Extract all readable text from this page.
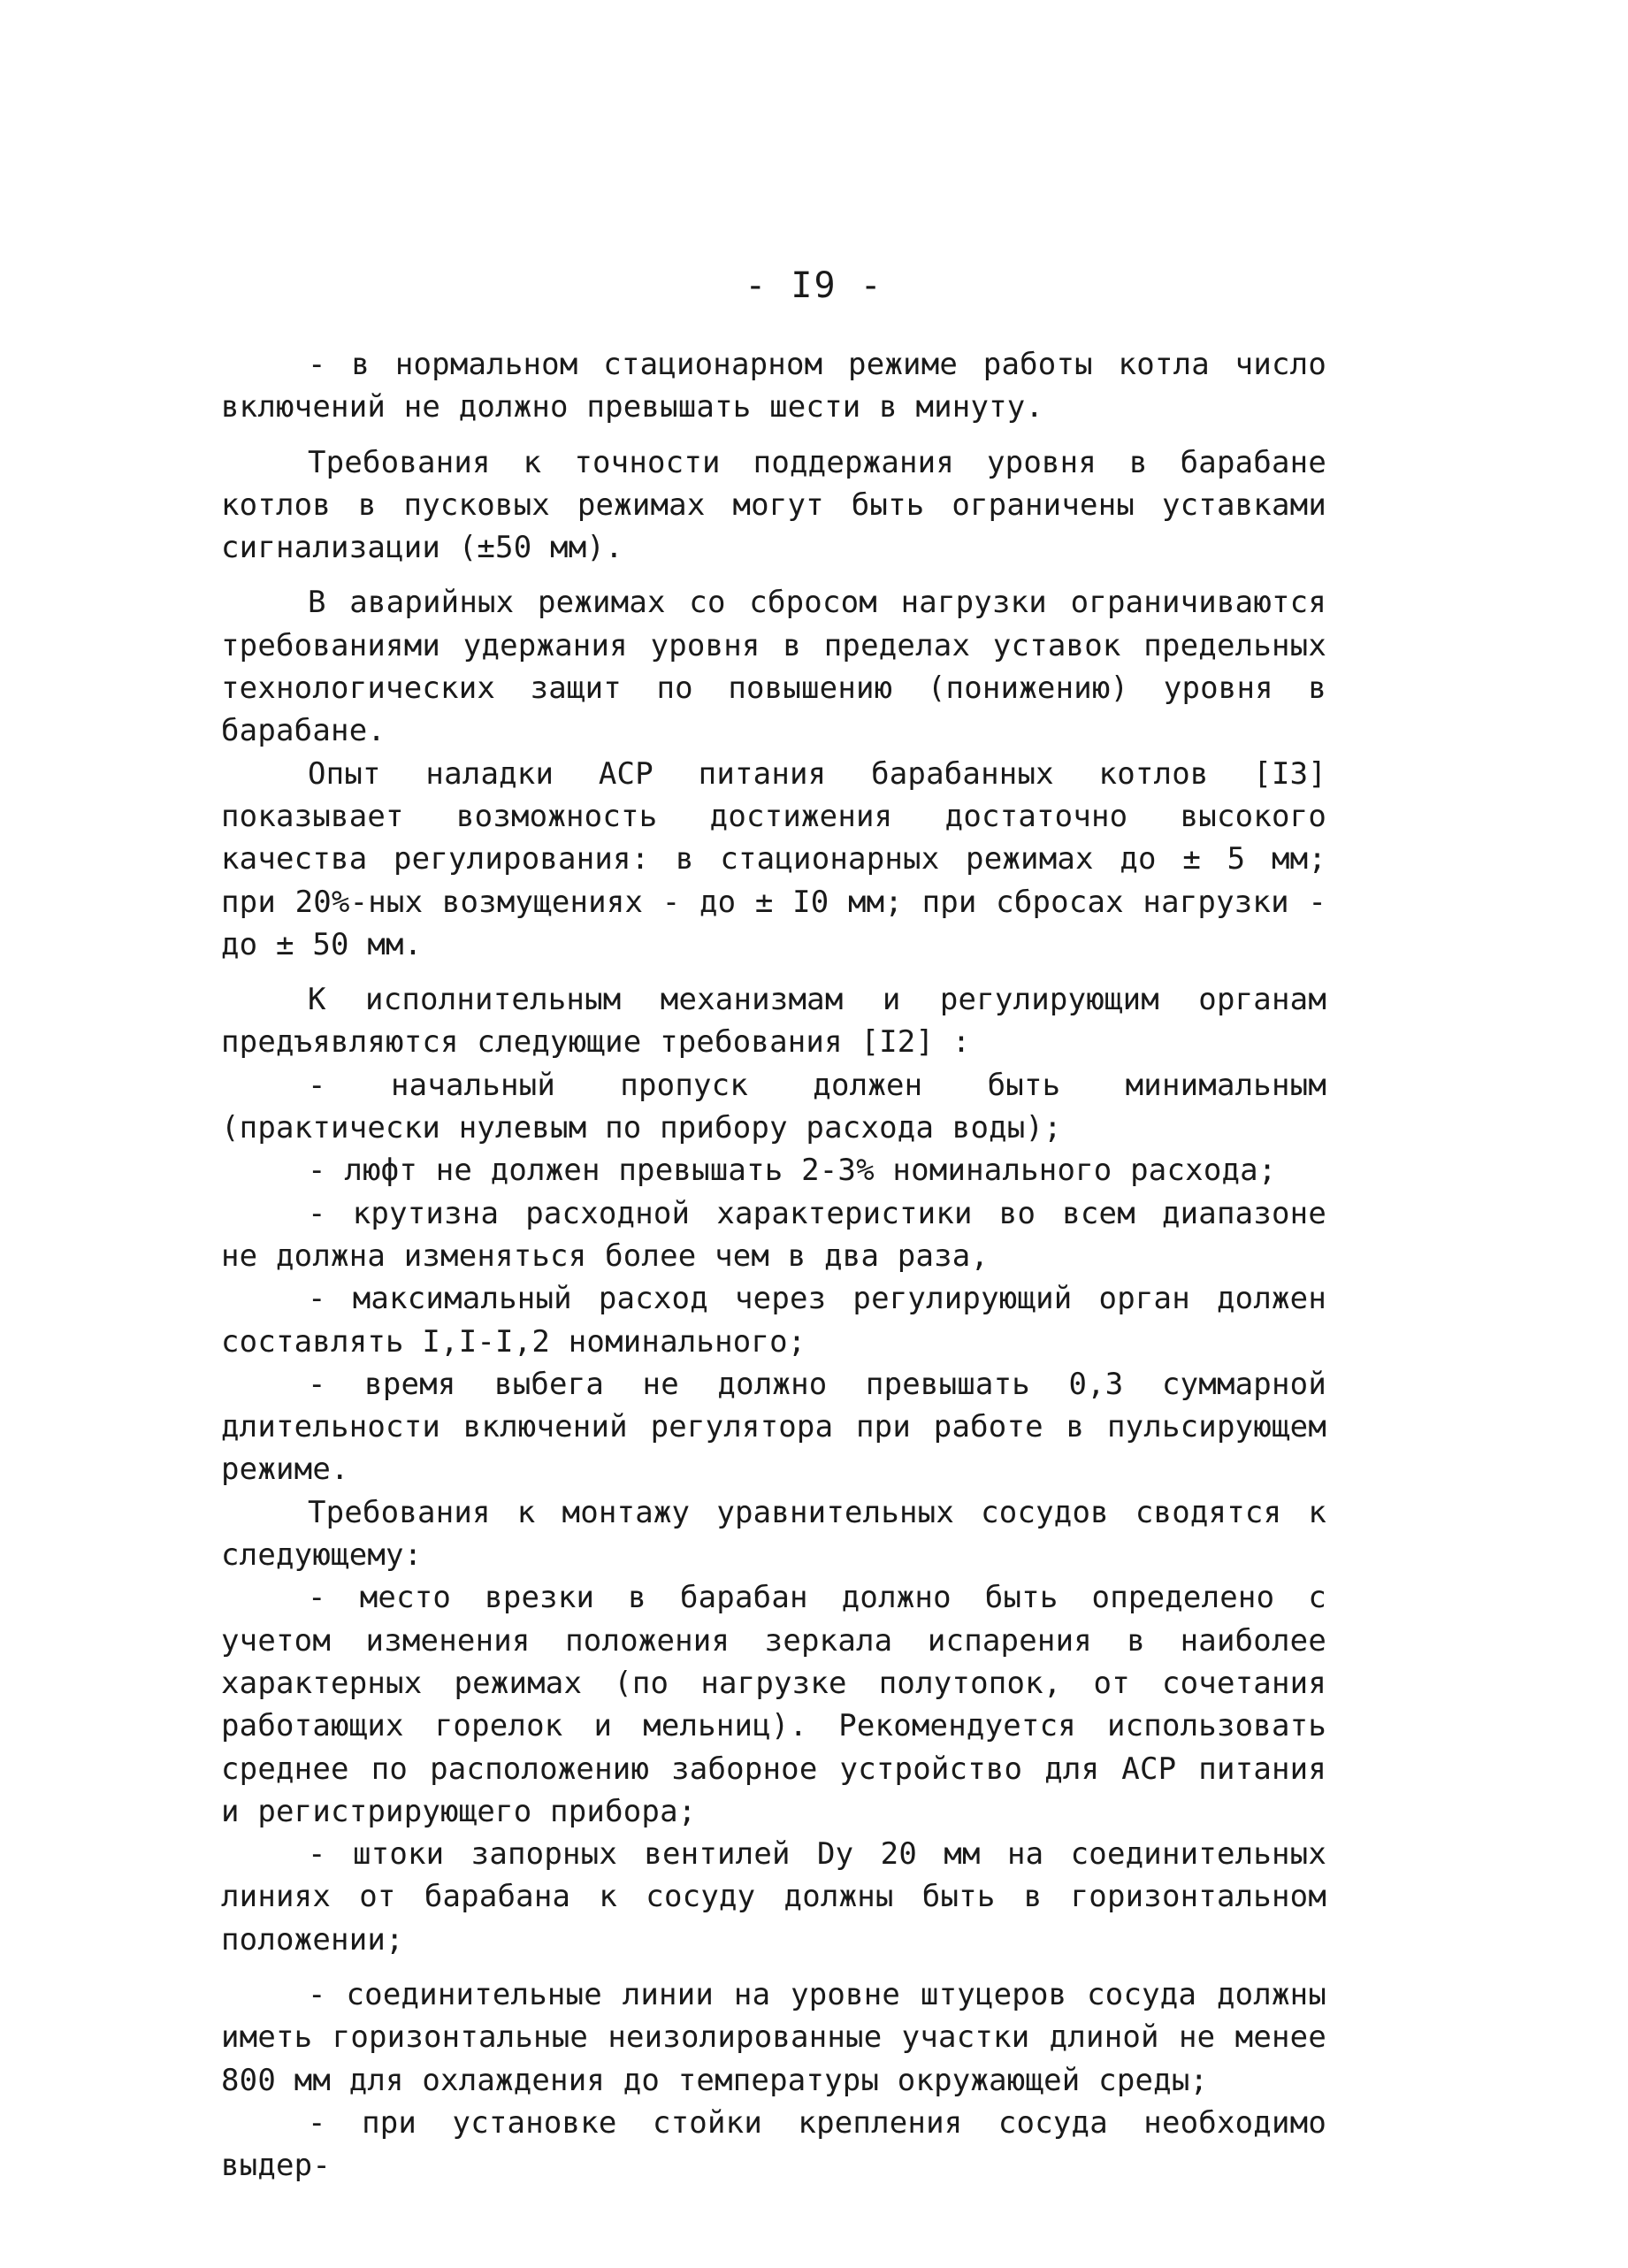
- I9 -

- в нормальном стационарном режиме работы котла число включений не должно превышать шести в минуту.

Требования к точности поддержания уровня в барабане котлов в пусковых режимах могут быть ограничены уставками сигнализации (±50 мм).

В аварийных режимах со сбросом нагрузки ограничиваются требованиями удержания уровня в пределах уставок предельных технологических защит по повышению (понижению) уровня в барабане.

Опыт наладки АСР питания барабанных котлов [I3] показывает возможность достижения достаточно высокого качества регулирования: в стационарных режимах до ± 5 мм; при 20%-ных возмущениях - до ± I0 мм; при сбросах нагрузки - до ± 50 мм.

К исполнительным механизмам и регулирующим органам предъявляются следующие требования [I2] :

- начальный пропуск должен быть минимальным (практически нулевым по прибору расхода воды);

- люфт не должен превышать 2-3% номинального расхода;

- крутизна расходной характеристики во всем диапазоне не должна изменяться более чем в два раза,

- максимальный расход через регулирующий орган должен составлять I,I-I,2 номинального;

- время выбега не должно превышать 0,3 суммарной длительности включений регулятора при работе в пульсирующем режиме.

Требования к монтажу уравнительных сосудов сводятся к следующему:

- место врезки в барабан должно быть определено с учетом изменения положения зеркала испарения в наиболее характерных режимах (по нагрузке полутопок, от сочетания работающих горелок и мельниц). Рекомендуется использовать среднее по расположению заборное устройство для АСР питания и регистрирующего прибора;

- штоки запорных вентилей Dу 20 мм на соединительных линиях от барабана к сосуду должны быть в горизонтальном положении;

- соединительные линии на уровне штуцеров сосуда должны иметь горизонтальные неизолированные участки длиной не менее 800 мм для охлаждения до температуры окружающей среды;

- при установке стойки крепления сосуда необходимо выдер-
